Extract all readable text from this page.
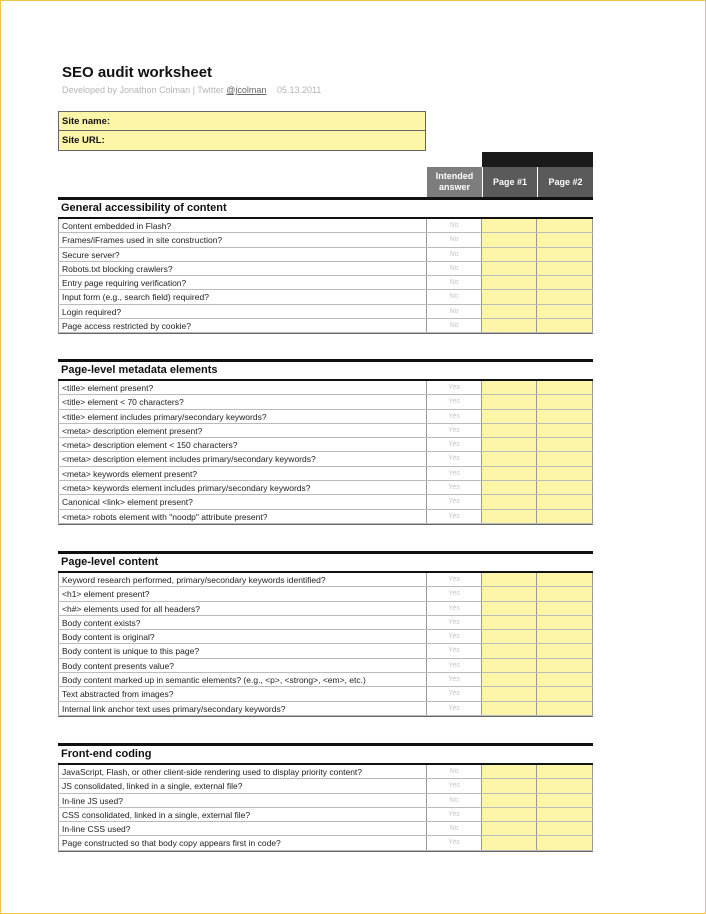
SEO audit worksheet
Developed by Jonathon Colman | Twitter @jcolman 05.13.2011
Site name:
Site URL:
Intended answer
Page #1	Page #2
General accessibility of content
Content embedded in Flash?	No
Frames/iFrames used in site construction?	No
Secure server?	No
Robots.txt blocking crawlers?	No
Entry page requiring verification?	No
Input form (e.g., search field) required?	No
Login required?	No
Page access restricted by cookie?	No
Page-level metadata elements
<title> element present?	Yes
<title> element < 70 characters?	Yes
<title> element includes primary/secondary keywords?	Yes
<meta> description element present?	Yes
<meta> description element < 150 characters?	Yes
<meta> description element includes primary/secondary keywords?	Yes
<meta> keywords element present?	Yes
<meta> keywords element includes primary/secondary keywords?	Yes
Canonical <link> element present?	Yes
<meta> robots element with "noodp" attribute present?	Yes
Page-level content
Keyword research performed, primary/secondary keywords identified?	Yes
<h1> element present?	Yes
<h#> elements used for all headers?	Yes
Body content exists?	Yes
Body content is original?	Yes
Body content is unique to this page?	Yes
Body content presents value?	Yes
Body content marked up in semantic elements? (e.g., <p>, <strong>, <em>, etc.)	Yes
Text abstracted from images?	Yes
Internal link anchor text uses primary/secondary keywords?	Yes
Front-end coding
JavaScript, Flash, or other client-side rendering used to display priority content?	No
JS consolidated, linked in a single, external file?	Yes
In-line JS used?	No
CSS consolidated, linked in a single, external file?	Yes
In-line CSS used?	No
Page constructed so that body copy appears first in code?	Yes
